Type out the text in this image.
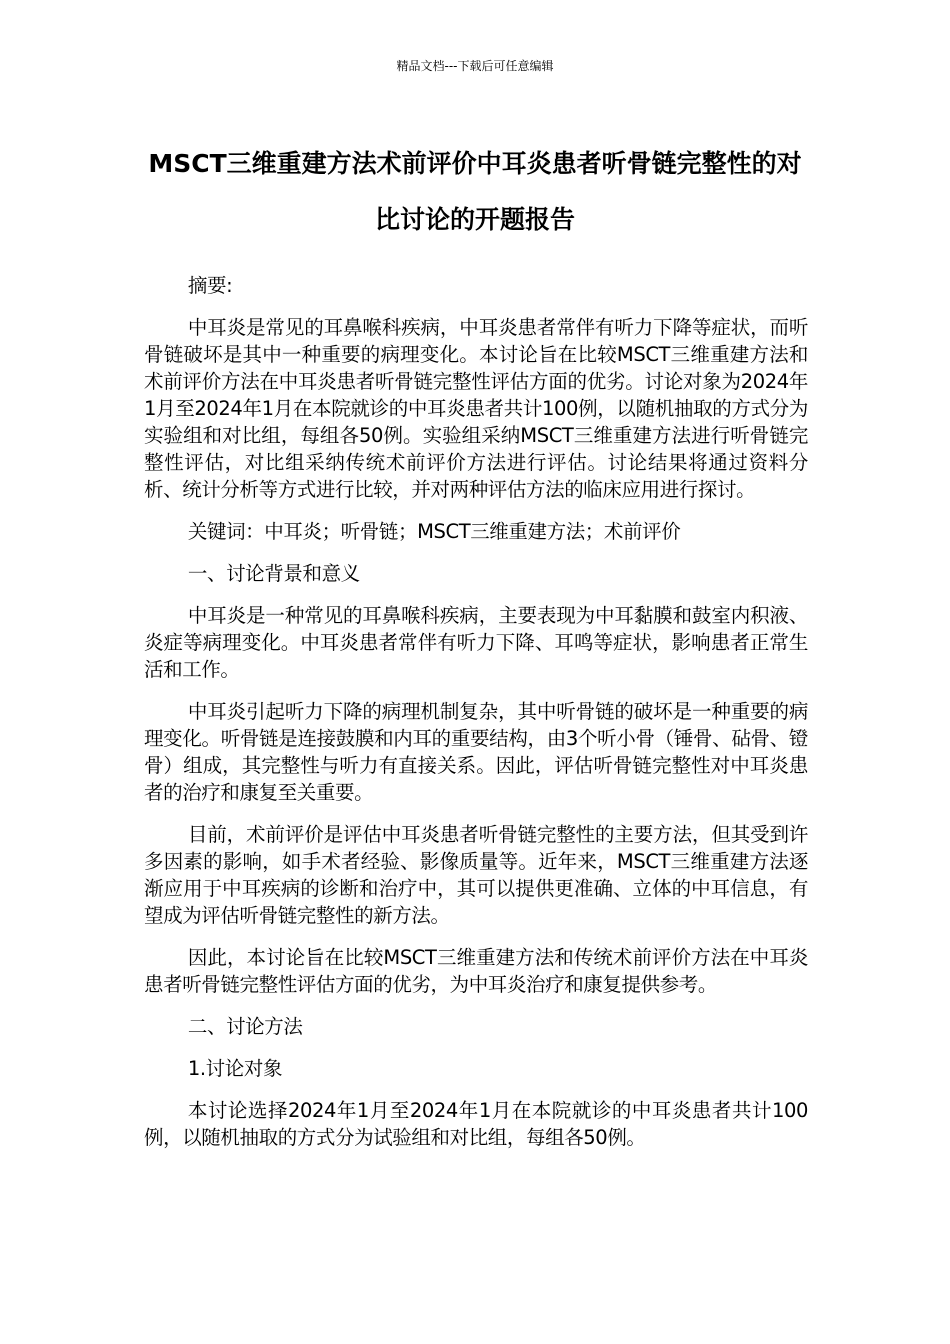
精品文档---下载后可任意编辑
MSCT三维重建方法术前评价中耳炎患者听骨链完整性的对比讨论的开题报告

摘要:

中耳炎是常见的耳鼻喉科疾病，中耳炎患者常伴有听力下降等症状，而听骨链破坏是其中一种重要的病理变化。本讨论旨在比较MSCT三维重建方法和术前评价方法在中耳炎患者听骨链完整性评估方面的优劣。讨论对象为2024年1月至2024年1月在本院就诊的中耳炎患者共计100例，以随机抽取的方式分为实验组和对比组，每组各50例。实验组采纳MSCT三维重建方法进行听骨链完整性评估，对比组采纳传统术前评价方法进行评估。讨论结果将通过资料分析、统计分析等方式进行比较，并对两种评估方法的临床应用进行探讨。

关键词：中耳炎；听骨链；MSCT三维重建方法；术前评价

一、讨论背景和意义

中耳炎是一种常见的耳鼻喉科疾病，主要表现为中耳黏膜和鼓室内积液、炎症等病理变化。中耳炎患者常伴有听力下降、耳鸣等症状，影响患者正常生活和工作。

中耳炎引起听力下降的病理机制复杂，其中听骨链的破坏是一种重要的病理变化。听骨链是连接鼓膜和内耳的重要结构，由3个听小骨（锤骨、砧骨、镫骨）组成，其完整性与听力有直接关系。因此，评估听骨链完整性对中耳炎患者的治疗和康复至关重要。

目前，术前评价是评估中耳炎患者听骨链完整性的主要方法，但其受到许多因素的影响，如手术者经验、影像质量等。近年来，MSCT三维重建方法逐渐应用于中耳疾病的诊断和治疗中，其可以提供更准确、立体的中耳信息，有望成为评估听骨链完整性的新方法。

因此，本讨论旨在比较MSCT三维重建方法和传统术前评价方法在中耳炎患者听骨链完整性评估方面的优劣，为中耳炎治疗和康复提供参考。

二、讨论方法

1.讨论对象

本讨论选择2024年1月至2024年1月在本院就诊的中耳炎患者共计100例，以随机抽取的方式分为试验组和对比组，每组各50例。
